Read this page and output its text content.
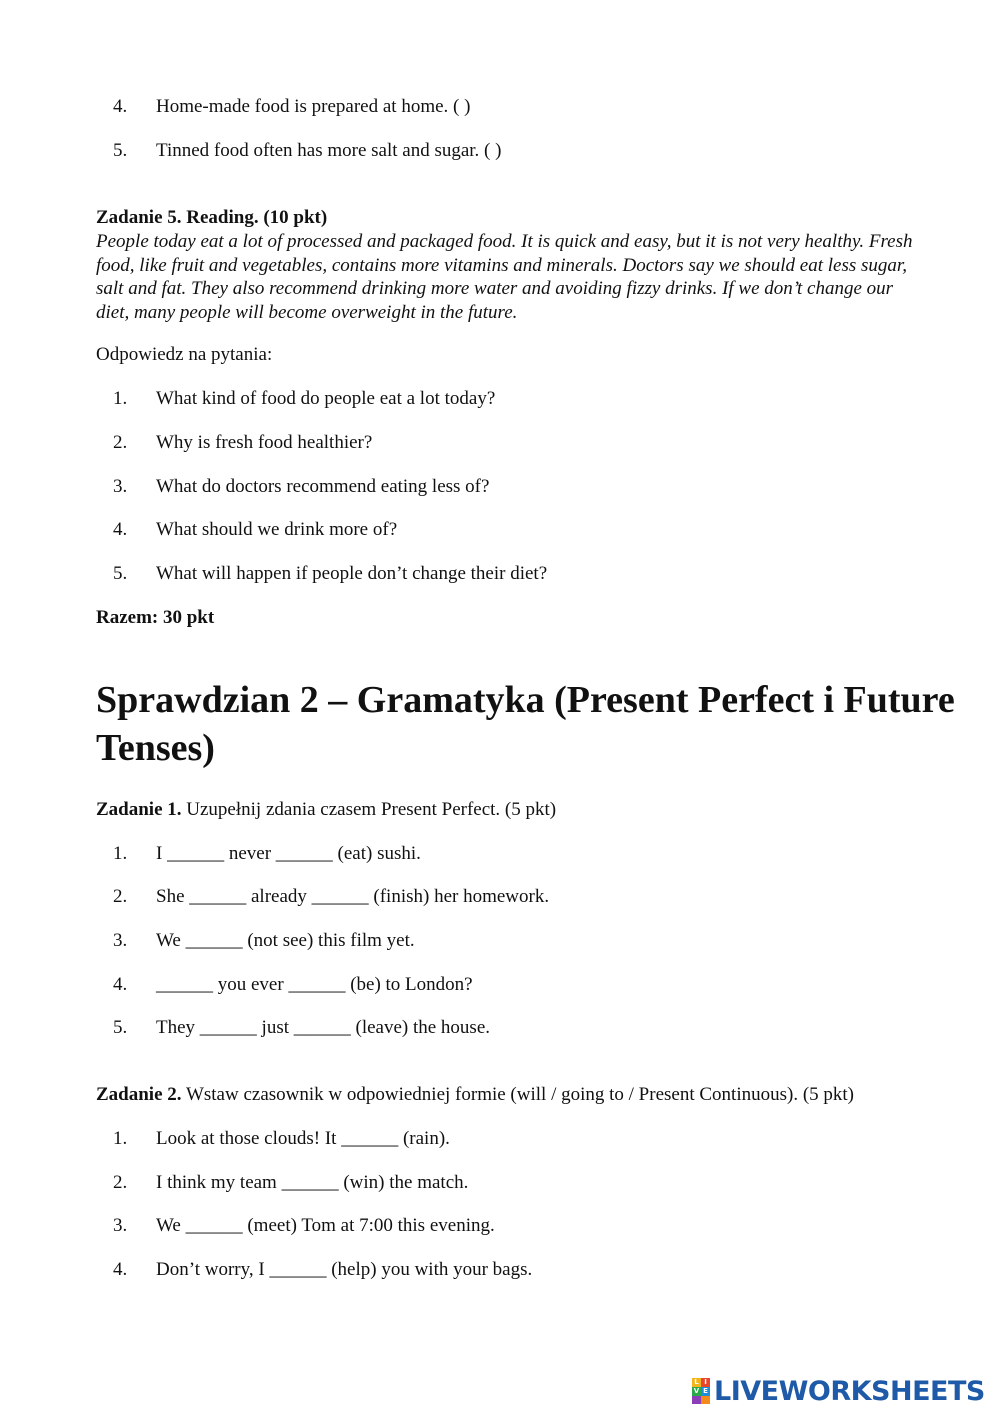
4.	Home-made food is prepared at home. ( )
5.	Tinned food often has more salt and sugar. ( )
Zadanie 5. Reading. (10 pkt)
People today eat a lot of processed and packaged food. It is quick and easy, but it is not very healthy. Fresh food, like fruit and vegetables, contains more vitamins and minerals. Doctors say we should eat less sugar, salt and fat. They also recommend drinking more water and avoiding fizzy drinks. If we don’t change our diet, many people will become overweight in the future.
Odpowiedz na pytania:
1.	What kind of food do people eat a lot today?
2.	Why is fresh food healthier?
3.	What do doctors recommend eating less of?
4.	What should we drink more of?
5.	What will happen if people don’t change their diet?
Razem: 30 pkt
Sprawdzian 2 – Gramatyka (Present Perfect i Future Tenses)
Zadanie 1. Uzupełnij zdania czasem Present Perfect. (5 pkt)
1.	I ______ never ______ (eat) sushi.
2.	She ______ already ______ (finish) her homework.
3.	We ______ (not see) this film yet.
4.	______ you ever ______ (be) to London?
5.	They ______ just ______ (leave) the house.
Zadanie 2. Wstaw czasownik w odpowiedniej formie (will / going to / Present Continuous). (5 pkt)
1.	Look at those clouds! It ______ (rain).
2.	I think my team ______ (win) the match.
3.	We ______ (meet) Tom at 7:00 this evening.
4.	Don’t worry, I ______ (help) you with your bags.
L I
V E LIVEWORKSHEETS
